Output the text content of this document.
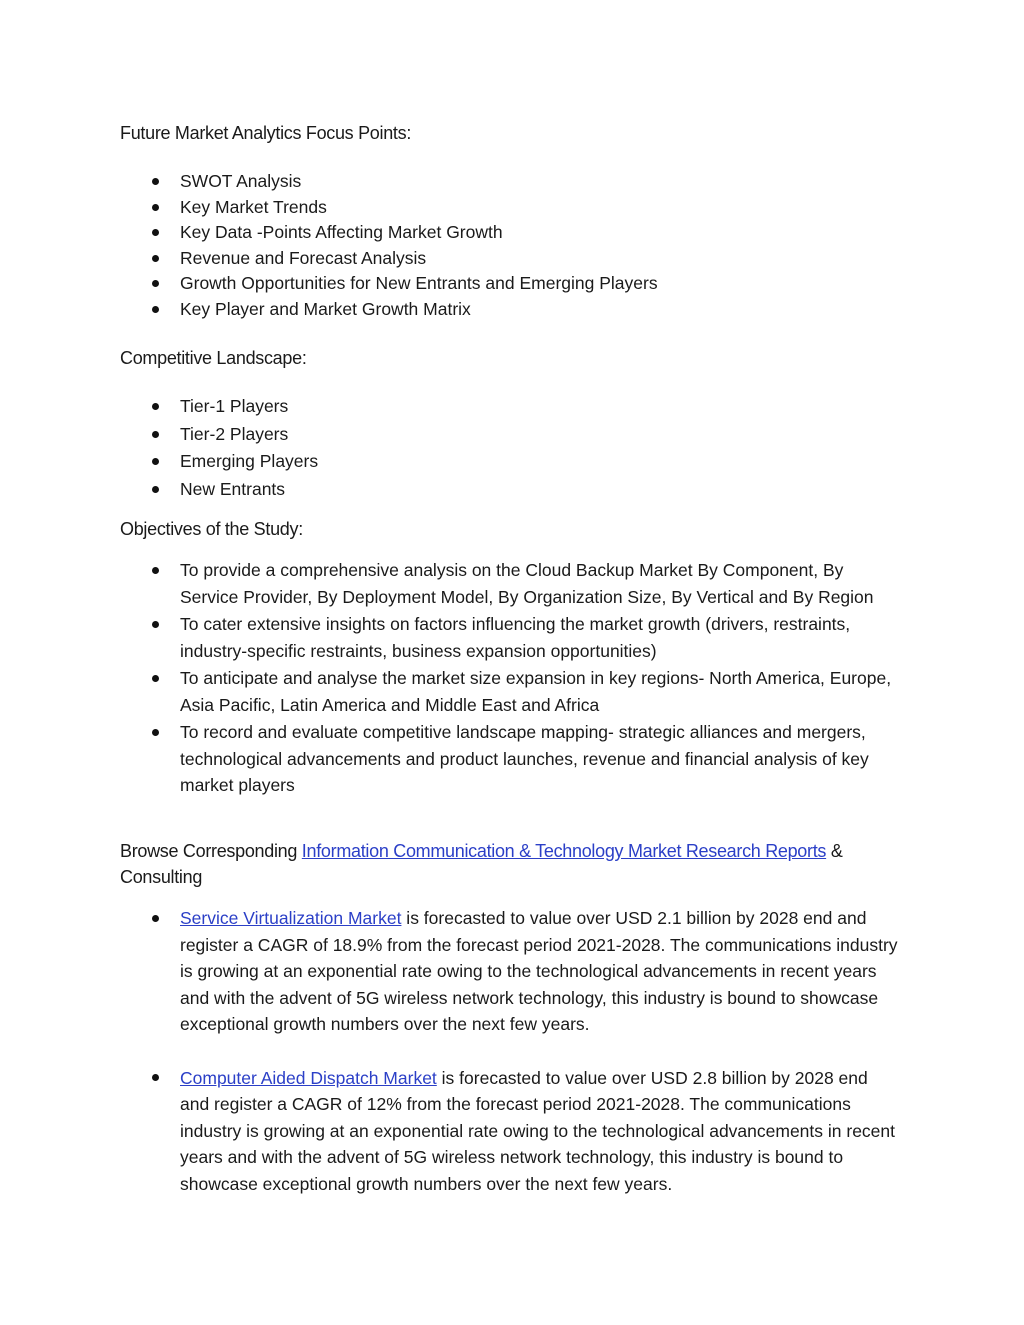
Future Market Analytics Focus Points:
SWOT Analysis
Key Market Trends
Key Data -Points Affecting Market Growth
Revenue and Forecast Analysis
Growth Opportunities for New Entrants and Emerging Players
Key Player and Market Growth Matrix
Competitive Landscape:
Tier-1 Players
Tier-2 Players
Emerging Players
New Entrants
Objectives of the Study:
To provide a comprehensive analysis on the Cloud Backup Market By Component, By Service Provider, By Deployment Model, By Organization Size, By Vertical and By Region
To cater extensive insights on factors influencing the market growth (drivers, restraints, industry-specific restraints, business expansion opportunities)
To anticipate and analyse the market size expansion in key regions- North America, Europe, Asia Pacific, Latin America and Middle East and Africa
To record and evaluate competitive landscape mapping- strategic alliances and mergers, technological advancements and product launches, revenue and financial analysis of key market players
Browse Corresponding Information Communication & Technology Market Research Reports & Consulting
Service Virtualization Market is forecasted to value over USD 2.1 billion by 2028 end and register a CAGR of 18.9% from the forecast period 2021-2028. The communications industry is growing at an exponential rate owing to the technological advancements in recent years and with the advent of 5G wireless network technology, this industry is bound to showcase exceptional growth numbers over the next few years.
Computer Aided Dispatch Market is forecasted to value over USD 2.8 billion by 2028 end and register a CAGR of 12% from the forecast period 2021-2028. The communications industry is growing at an exponential rate owing to the technological advancements in recent years and with the advent of 5G wireless network technology, this industry is bound to showcase exceptional growth numbers over the next few years.
